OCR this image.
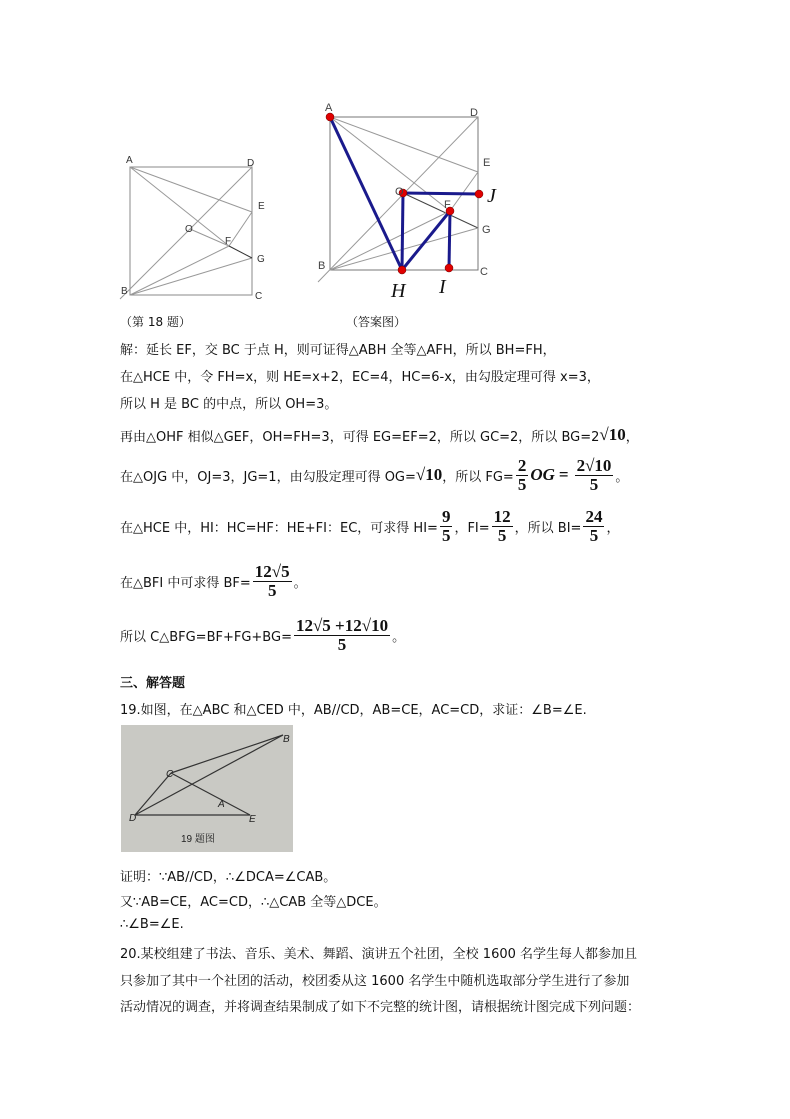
A	D
E
O
F
G
B	C
（第 18 题）
A	D
E
O
F
G
B	C
H I
J
（答案图）
解：延长 EF，交 BC 于点 H，则可证得△ABH 全等△AFH，所以 BH=FH，
在△HCE 中，令 FH=x，则 HE=x+2，EC=4，HC=6-x，由勾股定理可得 x=3，
所以 H 是 BC 的中点，所以 OH=3。
再由△OHF 相似△GEF，OH=FH=3，可得 EG=EF=2，所以 GC=2，所以 BG=2 √10 ，
在△OJG 中，OJ=3，JG=1，由勾股定理可得 OG= √10 ，所以 $FG= \frac{2}{5}$ OG = $\frac{2√10}{5}$ 。
在△HCE 中，HI：HC=HF：HE+FI：EC，可求得 $HI= \frac{9}{5}$ ，$FI= \frac{12}{5}$ ，所以 $BI= \frac{24}{5}$ ，
在△BFI 中可求得 $BF= \frac{12√5}{5}$ 。
所以 C△BFG=BF+FG+BG= $\frac{12√5 +12√10}{5}$ 。
三、解答题
19.如图，在△ABC 和△CED 中，AB//CD，AB=CE，AC=CD，求证：∠B=∠E.
B
C
A
D	E
19 题图
证明：∵AB//CD，∴∠DCA=∠CAB。
又∵AB=CE，AC=CD，∴△CAB 全等△DCE。
∴∠B=∠E.
20.某校组建了书法、音乐、美术、舞蹈、演讲五个社团，全校 1600 名学生每人都参加且
只参加了其中一个社团的活动，校团委从这 1600 名学生中随机选取部分学生进行了参加
活动情况的调查，并将调查结果制成了如下不完整的统计图，请根据统计图完成下列问题：
